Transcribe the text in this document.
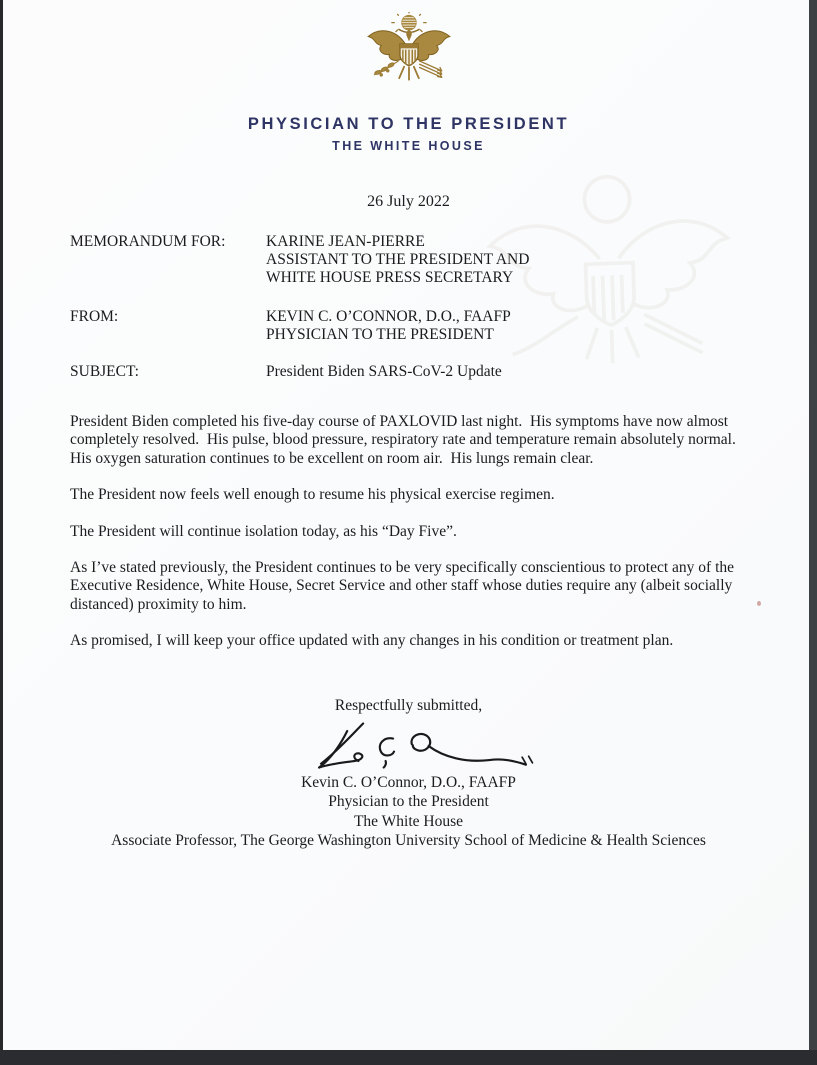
PHYSICIAN TO THE PRESIDENT
THE WHITE HOUSE
26 July 2022
MEMORANDUM FOR:	KARINE JEAN-PIERRE
ASSISTANT TO THE PRESIDENT AND
WHITE HOUSE PRESS SECRETARY
FROM:	KEVIN C. O’CONNOR, D.O., FAAFP
PHYSICIAN TO THE PRESIDENT
SUBJECT:	President Biden SARS-CoV-2 Update

President Biden completed his five-day course of PAXLOVID last night.  His symptoms have now almost completely resolved.  His pulse, blood pressure, respiratory rate and temperature remain absolutely normal. His oxygen saturation continues to be excellent on room air.  His lungs remain clear.

The President now feels well enough to resume his physical exercise regimen.

The President will continue isolation today, as his “Day Five”.

As I’ve stated previously, the President continues to be very specifically conscientious to protect any of the Executive Residence, White House, Secret Service and other staff whose duties require any (albeit socially distanced) proximity to him.

As promised, I will keep your office updated with any changes in his condition or treatment plan.

Respectfully submitted,
Kevin C. O’Connor, D.O., FAAFP
Physician to the President
The White House
Associate Professor, The George Washington University School of Medicine & Health Sciences
